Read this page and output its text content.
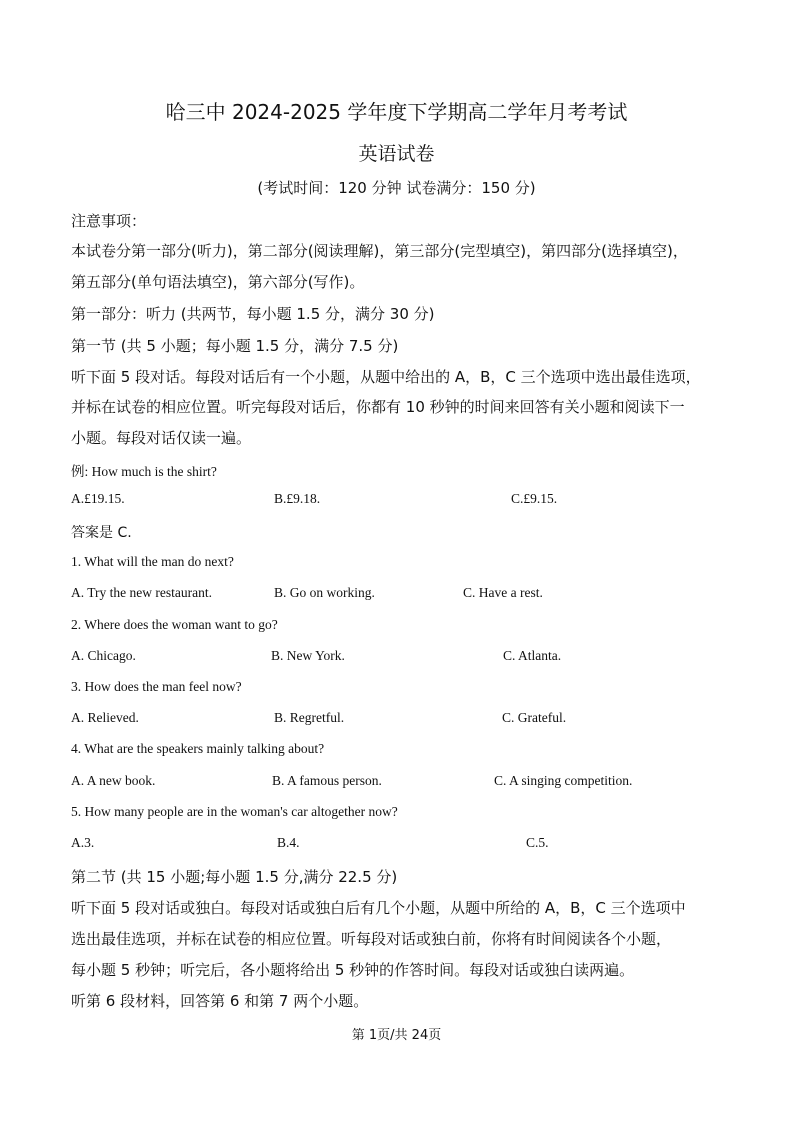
哈三中 2024-2025 学年度下学期高二学年月考考试
英语试卷
(考试时间：120 分钟 试卷满分：150 分)
注意事项：
本试卷分第一部分(听力)，第二部分(阅读理解)，第三部分(完型填空)，第四部分(选择填空)，
第五部分(单句语法填空)，第六部分(写作)。
第一部分：听力 (共两节，每小题 1.5 分，满分 30 分)
第一节 (共 5 小题；每小题 1.5 分，满分 7.5 分)
听下面 5 段对话。每段对话后有一个小题，从题中给出的 A，B，C 三个选项中选出最佳选项，
并标在试卷的相应位置。听完每段对话后，你都有 10 秒钟的时间来回答有关小题和阅读下一
小题。每段对话仅读一遍。
例: How much is the shirt?
A.£19.15.	B.£9.18.	C.£9.15.
答案是 C.
1. What will the man do next?
A. Try the new restaurant.	B. Go on working.	C. Have a rest.
2. Where does the woman want to go?
A. Chicago.	B. New York.	C. Atlanta.
3. How does the man feel now?
A. Relieved.	B. Regretful.	C. Grateful.
4. What are the speakers mainly talking about?
A. A new book.	B. A famous person.	C. A singing competition.
5. How many people are in the woman's car altogether now?
A.3.	B.4.	C.5.
第二节 (共 15 小题;每小题 1.5 分,满分 22.5 分)
听下面 5 段对话或独白。每段对话或独白后有几个小题，从题中所给的 A，B，C 三个选项中
选出最佳选项，并标在试卷的相应位置。听每段对话或独白前，你将有时间阅读各个小题，
每小题 5 秒钟；听完后，各小题将给出 5 秒钟的作答时间。每段对话或独白读两遍。
听第 6 段材料，回答第 6 和第 7 两个小题。
第 1页/共 24页
